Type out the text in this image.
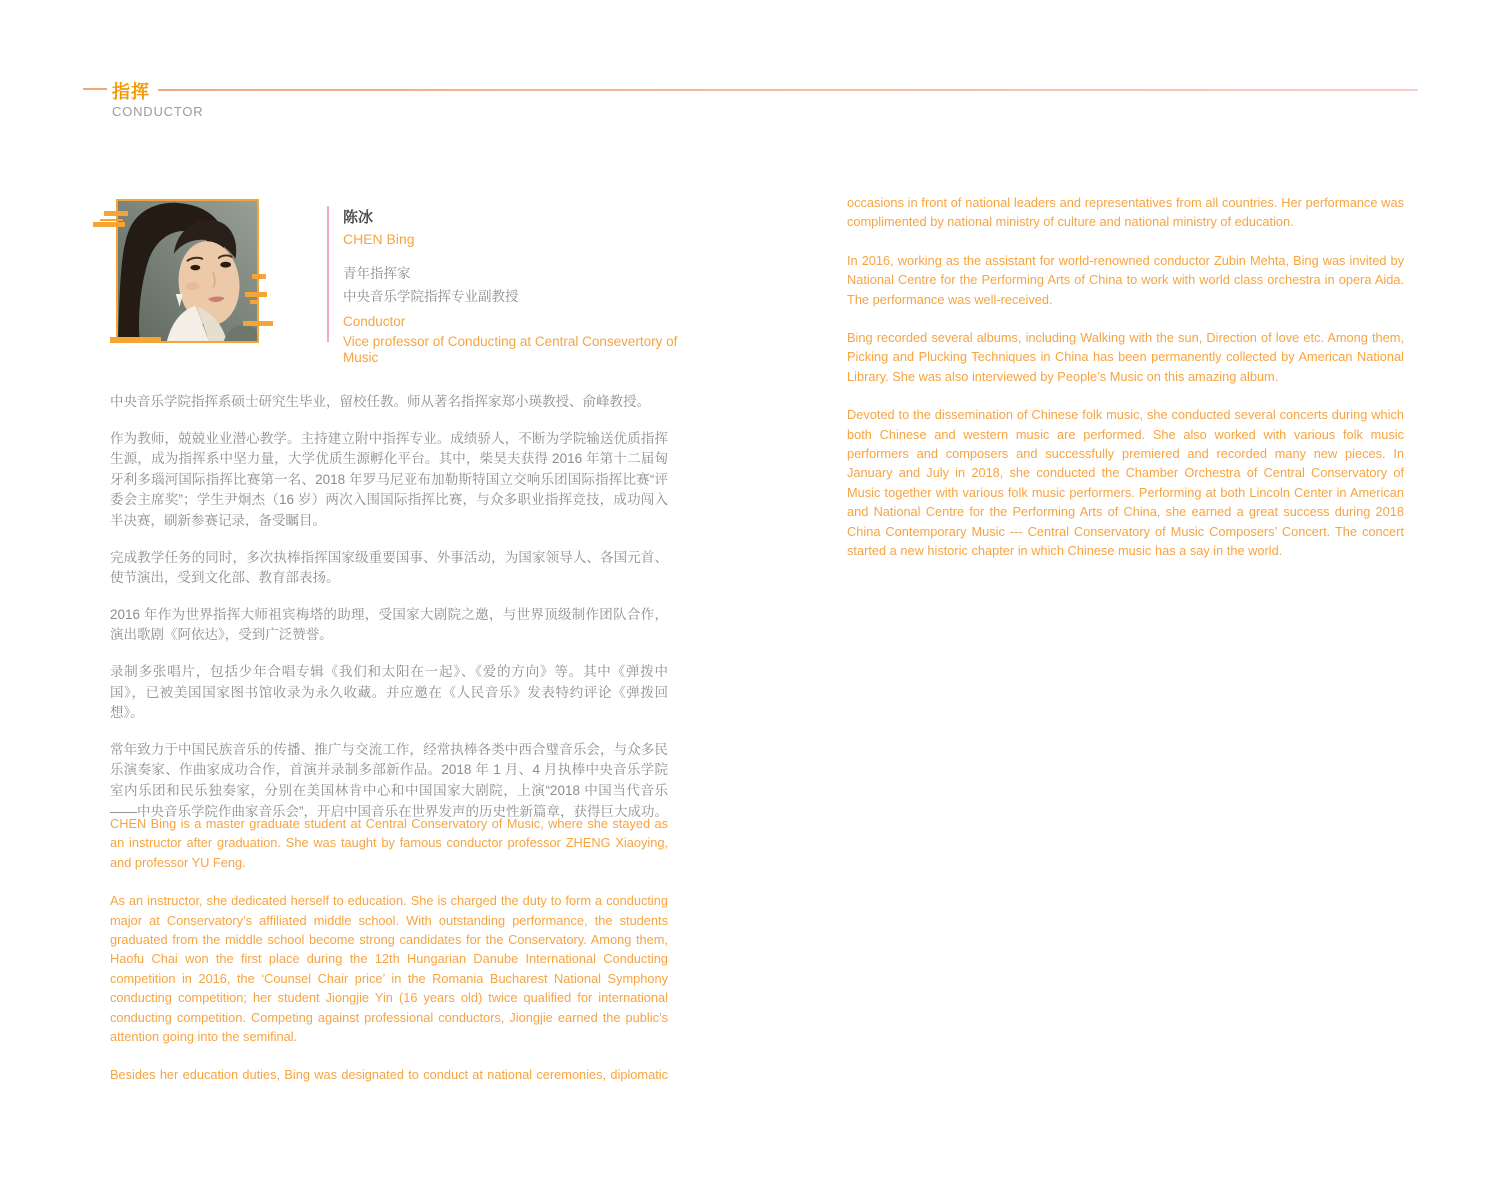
指挥
CONDUCTOR

陈冰

CHEN Bing

青年指挥家

中央音乐学院指挥专业副教授

Conductor

Vice professor of Conducting at Central Consevertory of Music

中央音乐学院指挥系硕士研究生毕业，留校任教。师从著名指挥家郑小瑛教授、俞峰教授。

作为教师，兢兢业业潜心教学。主持建立附中指挥专业。成绩骄人，不断为学院输送优质指挥生源，成为指挥系中坚力量，大学优质生源孵化平台。其中，柴昊夫获得 2016 年第十二届匈牙利多瑙河国际指挥比赛第一名、2018 年罗马尼亚布加勒斯特国立交响乐团国际指挥比赛“评委会主席奖”；学生尹炯杰（16 岁）两次入围国际指挥比赛，与众多职业指挥竞技，成功闯入半决赛，刷新参赛记录，备受瞩目。

完成教学任务的同时，多次执棒指挥国家级重要国事、外事活动，为国家领导人、各国元首、使节演出，受到文化部、教育部表扬。

2016 年作为世界指挥大师祖宾梅塔的助理，受国家大剧院之邀，与世界顶级制作团队合作，演出歌剧《阿依达》，受到广泛赞誉。

录制多张唱片，包括少年合唱专辑《我们和太阳在一起》、《爱的方向》等。其中《弹拨中国》，已被美国国家图书馆收录为永久收藏。并应邀在《人民音乐》发表特约评论《弹拨回想》。

常年致力于中国民族音乐的传播、推广与交流工作，经常执棒各类中西合璧音乐会，与众多民乐演奏家、作曲家成功合作，首演并录制多部新作品。2018 年 1 月、4 月执棒中央音乐学院室内乐团和民乐独奏家，分别在美国林肯中心和中国国家大剧院，上演“2018 中国当代音乐——中央音乐学院作曲家音乐会”，开启中国音乐在世界发声的历史性新篇章，获得巨大成功。

CHEN Bing is a master graduate student at Central Conservatory of Music, where she stayed as an instructor after graduation. She was taught by famous conductor professor ZHENG Xiaoying, and professor YU Feng.

As an instructor, she dedicated herself to education. She is charged the duty to form a conducting major at Conservatory’s affiliated middle school. With outstanding performance, the students graduated from the middle school become strong candidates for the Conservatory. Among them, Haofu Chai won the first place during the 12th Hungarian Danube International Conducting competition in 2016, the ‘Counsel Chair price’ in the Romania Bucharest National Symphony conducting competition; her student Jiongjie Yin (16 years old) twice qualified for international conducting competition. Competing against professional conductors, Jiongjie earned the public’s attention going into the semifinal.

Besides her education duties, Bing was designated to conduct at national ceremonies, diplomatic

occasions in front of national leaders and representatives from all countries. Her performance was complimented by national ministry of culture and national ministry of education.

In 2016, working as the assistant for world-renowned conductor Zubin Mehta, Bing was invited by National Centre for the Performing Arts of China to work with world class orchestra in opera Aida. The performance was well-received.

Bing recorded several albums, including Walking with the sun, Direction of love etc. Among them, Picking and Plucking Techniques in China has been permanently collected by American National Library. She was also interviewed by People’s Music on this amazing album.

Devoted to the dissemination of Chinese folk music, she conducted several concerts during which both Chinese and western music are performed. She also worked with various folk music performers and composers and successfully premiered and recorded many new pieces. In January and July in 2018, she conducted the Chamber Orchestra of Central Conservatory of Music together with various folk music performers. Performing at both Lincoln Center in American and National Centre for the Performing Arts of China, she earned a great success during 2018 China Contemporary Music --- Central Conservatory of Music Composers’ Concert. The concert started a new historic chapter in which Chinese music has a say in the world.
